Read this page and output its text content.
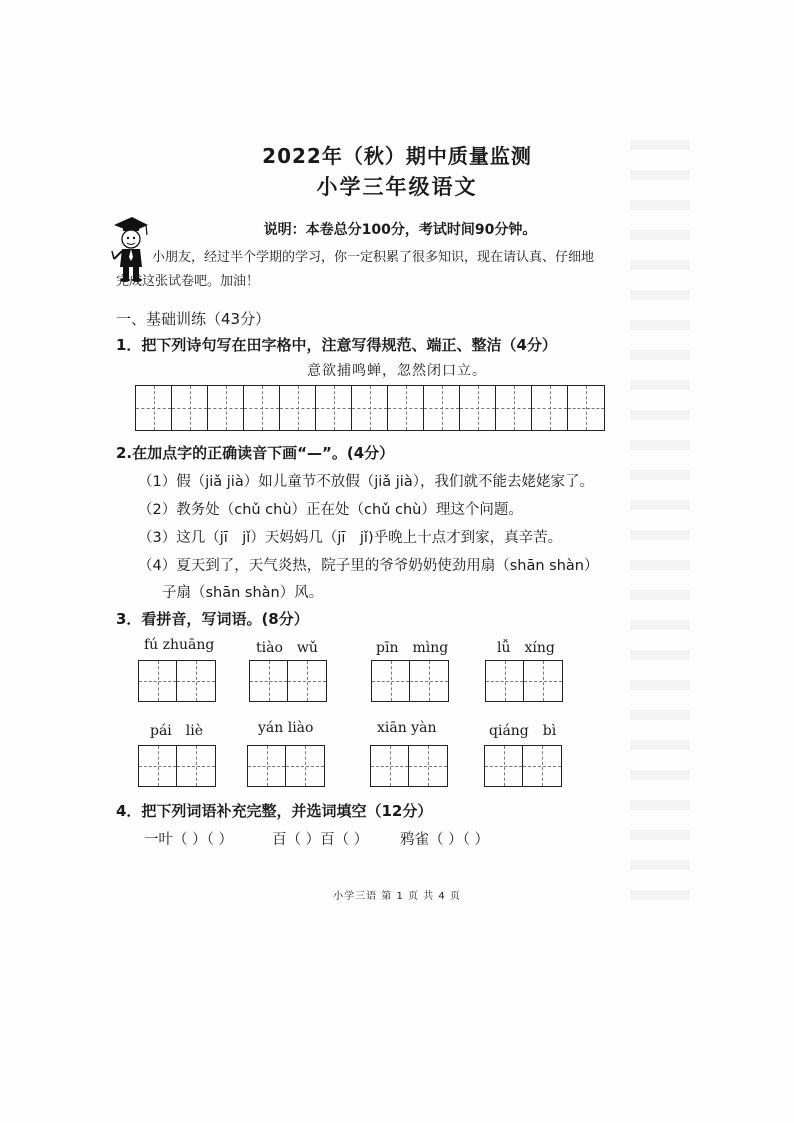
2022年（秋）期中质量监测
小学三年级语文
说明：本卷总分100分，考试时间90分钟。
小朋友，经过半个学期的学习，你一定积累了很多知识，现在请认真、仔细地
完成这张试卷吧。加油！
一、基础训练（43分）
1．把下列诗句写在田字格中，注意写得规范、端正、整洁（4分）
意欲捕鸣蝉，忽然闭口立。
2.在加点字的正确读音下画“—”。(4分）
（1）假（jiǎ jià）如儿童节不放假（jiǎ jià），我们就不能去姥姥家了。
（2）教务处（chǔ chù）正在处（chǔ chù）理这个问题。
（3）这几（jī　jǐ）天妈妈几（jī　jǐ)乎晚上十点才到家，真辛苦。
（4）夏天到了，天气炎热，院子里的爷爷奶奶使劲用扇（shān shàn）
子扇（shān shàn）风。
3．看拼音，写词语。(8分）
fú zhuāng	tiào　wǔ	pīn　mìng	lǚ　xíng
pái　liè	yán liào	xiān yàn	qiáng　bì
4．把下列词语补充完整，并选词填空（12分）
一叶（ ）（ ）	百（ ）百（ ） 鸦雀（ ）（ ）
小学三语 第 1 页 共 4 页
